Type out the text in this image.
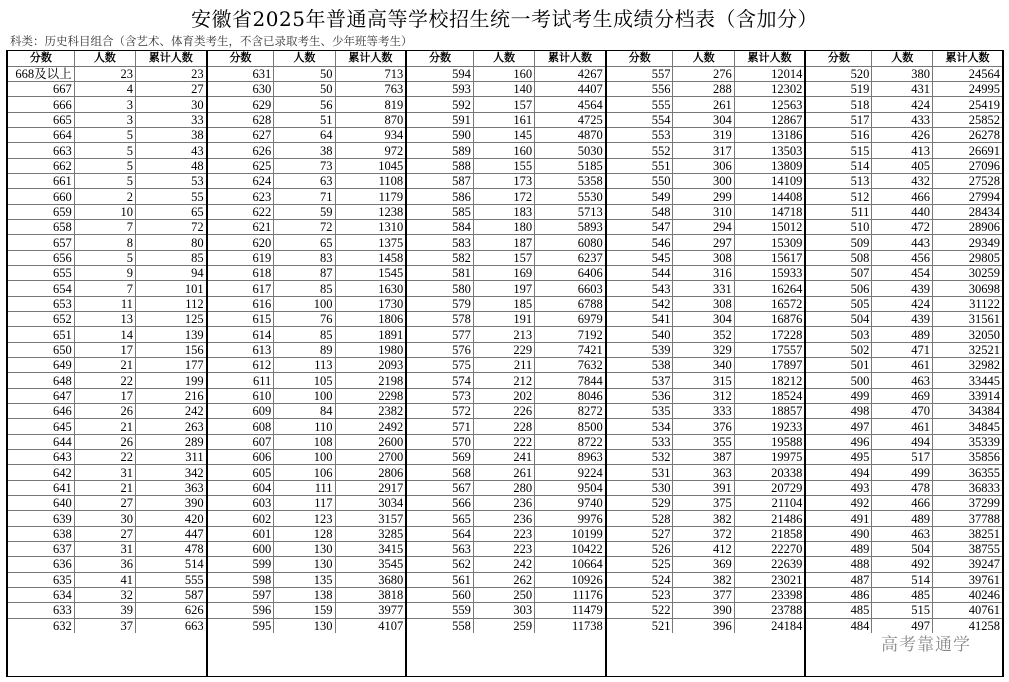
安徽省2025年普通高等学校招生统一考试考生成绩分档表（含加分）
科类：历史科目组合（含艺术、体育类考生，不含已录取考生、少年班等考生）
分数	人数	累计人数
668及以上	23	23
667	4	27
666	3	30
665	3	33
664	5	38
663	5	43
662	5	48
661	5	53
660	2	55
659	10	65
658	7	72
657	8	80
656	5	85
655	9	94
654	7	101
653	11	112
652	13	125
651	14	139
650	17	156
649	21	177
648	22	199
647	17	216
646	26	242
645	21	263
644	26	289
643	22	311
642	31	342
641	21	363
640	27	390
639	30	420
638	27	447
637	31	478
636	36	514
635	41	555
634	32	587
633	39	626
632	37	663
分数	人数	累计人数
631	50	713
630	50	763
629	56	819
628	51	870
627	64	934
626	38	972
625	73	1045
624	63	1108
623	71	1179
622	59	1238
621	72	1310
620	65	1375
619	83	1458
618	87	1545
617	85	1630
616	100	1730
615	76	1806
614	85	1891
613	89	1980
612	113	2093
611	105	2198
610	100	2298
609	84	2382
608	110	2492
607	108	2600
606	100	2700
605	106	2806
604	111	2917
603	117	3034
602	123	3157
601	128	3285
600	130	3415
599	130	3545
598	135	3680
597	138	3818
596	159	3977
595	130	4107
分数	人数	累计人数
594	160	4267
593	140	4407
592	157	4564
591	161	4725
590	145	4870
589	160	5030
588	155	5185
587	173	5358
586	172	5530
585	183	5713
584	180	5893
583	187	6080
582	157	6237
581	169	6406
580	197	6603
579	185	6788
578	191	6979
577	213	7192
576	229	7421
575	211	7632
574	212	7844
573	202	8046
572	226	8272
571	228	8500
570	222	8722
569	241	8963
568	261	9224
567	280	9504
566	236	9740
565	236	9976
564	223	10199
563	223	10422
562	242	10664
561	262	10926
560	250	11176
559	303	11479
558	259	11738
分数	人数	累计人数
557	276	12014
556	288	12302
555	261	12563
554	304	12867
553	319	13186
552	317	13503
551	306	13809
550	300	14109
549	299	14408
548	310	14718
547	294	15012
546	297	15309
545	308	15617
544	316	15933
543	331	16264
542	308	16572
541	304	16876
540	352	17228
539	329	17557
538	340	17897
537	315	18212
536	312	18524
535	333	18857
534	376	19233
533	355	19588
532	387	19975
531	363	20338
530	391	20729
529	375	21104
528	382	21486
527	372	21858
526	412	22270
525	369	22639
524	382	23021
523	377	23398
522	390	23788
521	396	24184
分数	人数	累计人数
520	380	24564
519	431	24995
518	424	25419
517	433	25852
516	426	26278
515	413	26691
514	405	27096
513	432	27528
512	466	27994
511	440	28434
510	472	28906
509	443	29349
508	456	29805
507	454	30259
506	439	30698
505	424	31122
504	439	31561
503	489	32050
502	471	32521
501	461	32982
500	463	33445
499	469	33914
498	470	34384
497	461	34845
496	494	35339
495	517	35856
494	499	36355
493	478	36833
492	466	37299
491	489	37788
490	463	38251
489	504	38755
488	492	39247
487	514	39761
486	485	40246
485	515	40761
484	497	41258
高考靠通学
